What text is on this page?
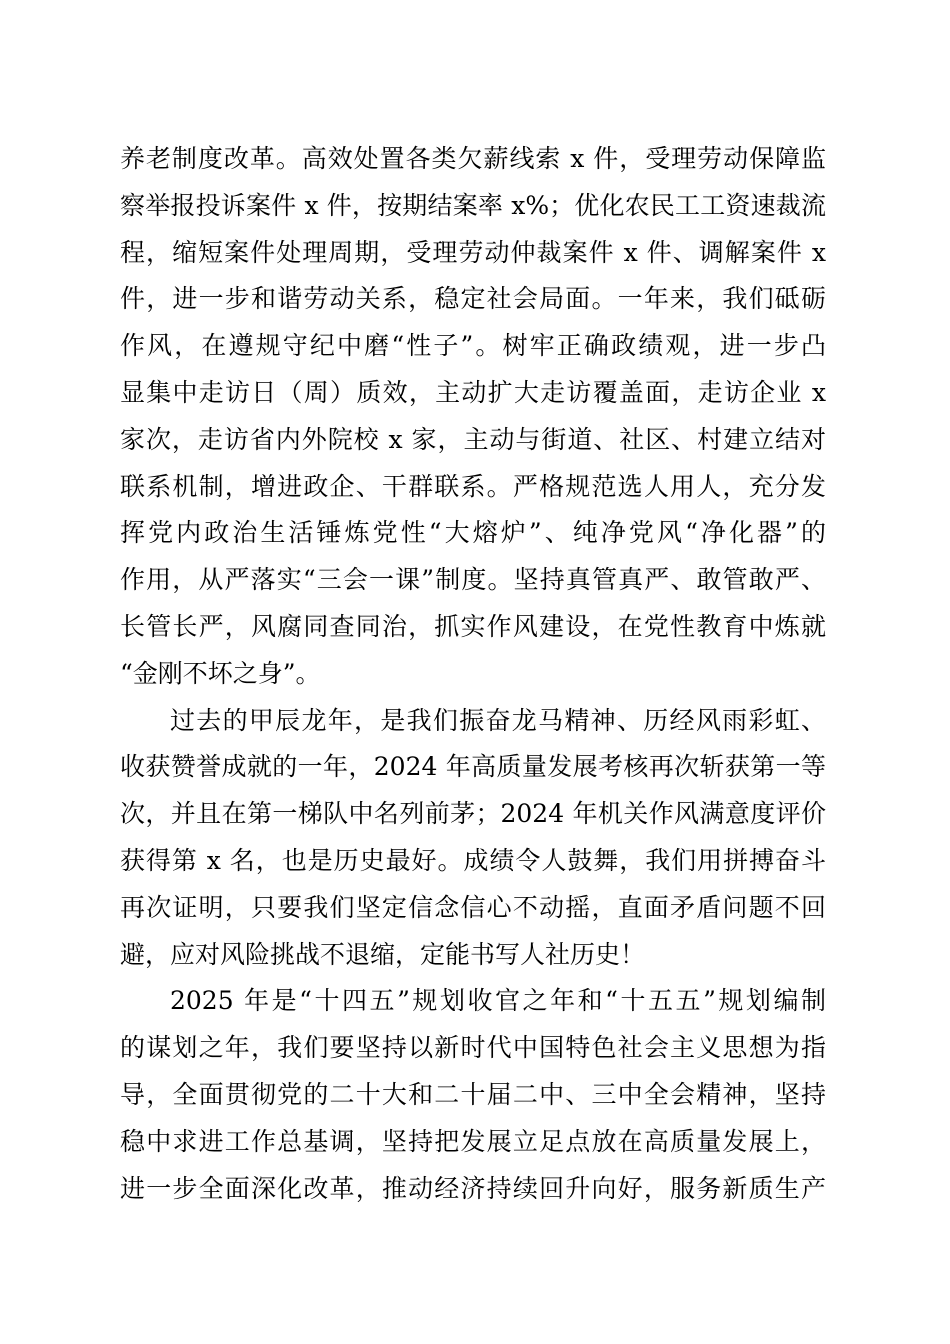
养老制度改革。高效处置各类欠薪线索 x 件，受理劳动保障监
察举报投诉案件 x 件，按期结案率 x%；优化农民工工资速裁流
程，缩短案件处理周期，受理劳动仲裁案件 x 件、调解案件 x
件，进一步和谐劳动关系，稳定社会局面。一年来，我们砥砺
作风，在遵规守纪中磨“性子”。树牢正确政绩观，进一步凸
显集中走访日（周）质效，主动扩大走访覆盖面，走访企业 x
家次，走访省内外院校 x 家，主动与街道、社区、村建立结对
联系机制，增进政企、干群联系。严格规范选人用人，充分发
挥党内政治生活锤炼党性“大熔炉”、纯净党风“净化器”的
作用，从严落实“三会一课”制度。坚持真管真严、敢管敢严、
长管长严，风腐同查同治，抓实作风建设，在党性教育中炼就
“金刚不坏之身”。
过去的甲辰龙年，是我们振奋龙马精神、历经风雨彩虹、
收获赞誉成就的一年，2024 年高质量发展考核再次斩获第一等
次，并且在第一梯队中名列前茅；2024 年机关作风满意度评价
获得第 x 名，也是历史最好。成绩令人鼓舞，我们用拼搏奋斗
再次证明，只要我们坚定信念信心不动摇，直面矛盾问题不回
避，应对风险挑战不退缩，定能书写人社历史！
2025 年是“十四五”规划收官之年和“十五五”规划编制
的谋划之年，我们要坚持以新时代中国特色社会主义思想为指
导，全面贯彻党的二十大和二十届二中、三中全会精神，坚持
稳中求进工作总基调，坚持把发展立足点放在高质量发展上，
进一步全面深化改革，推动经济持续回升向好，服务新质生产
